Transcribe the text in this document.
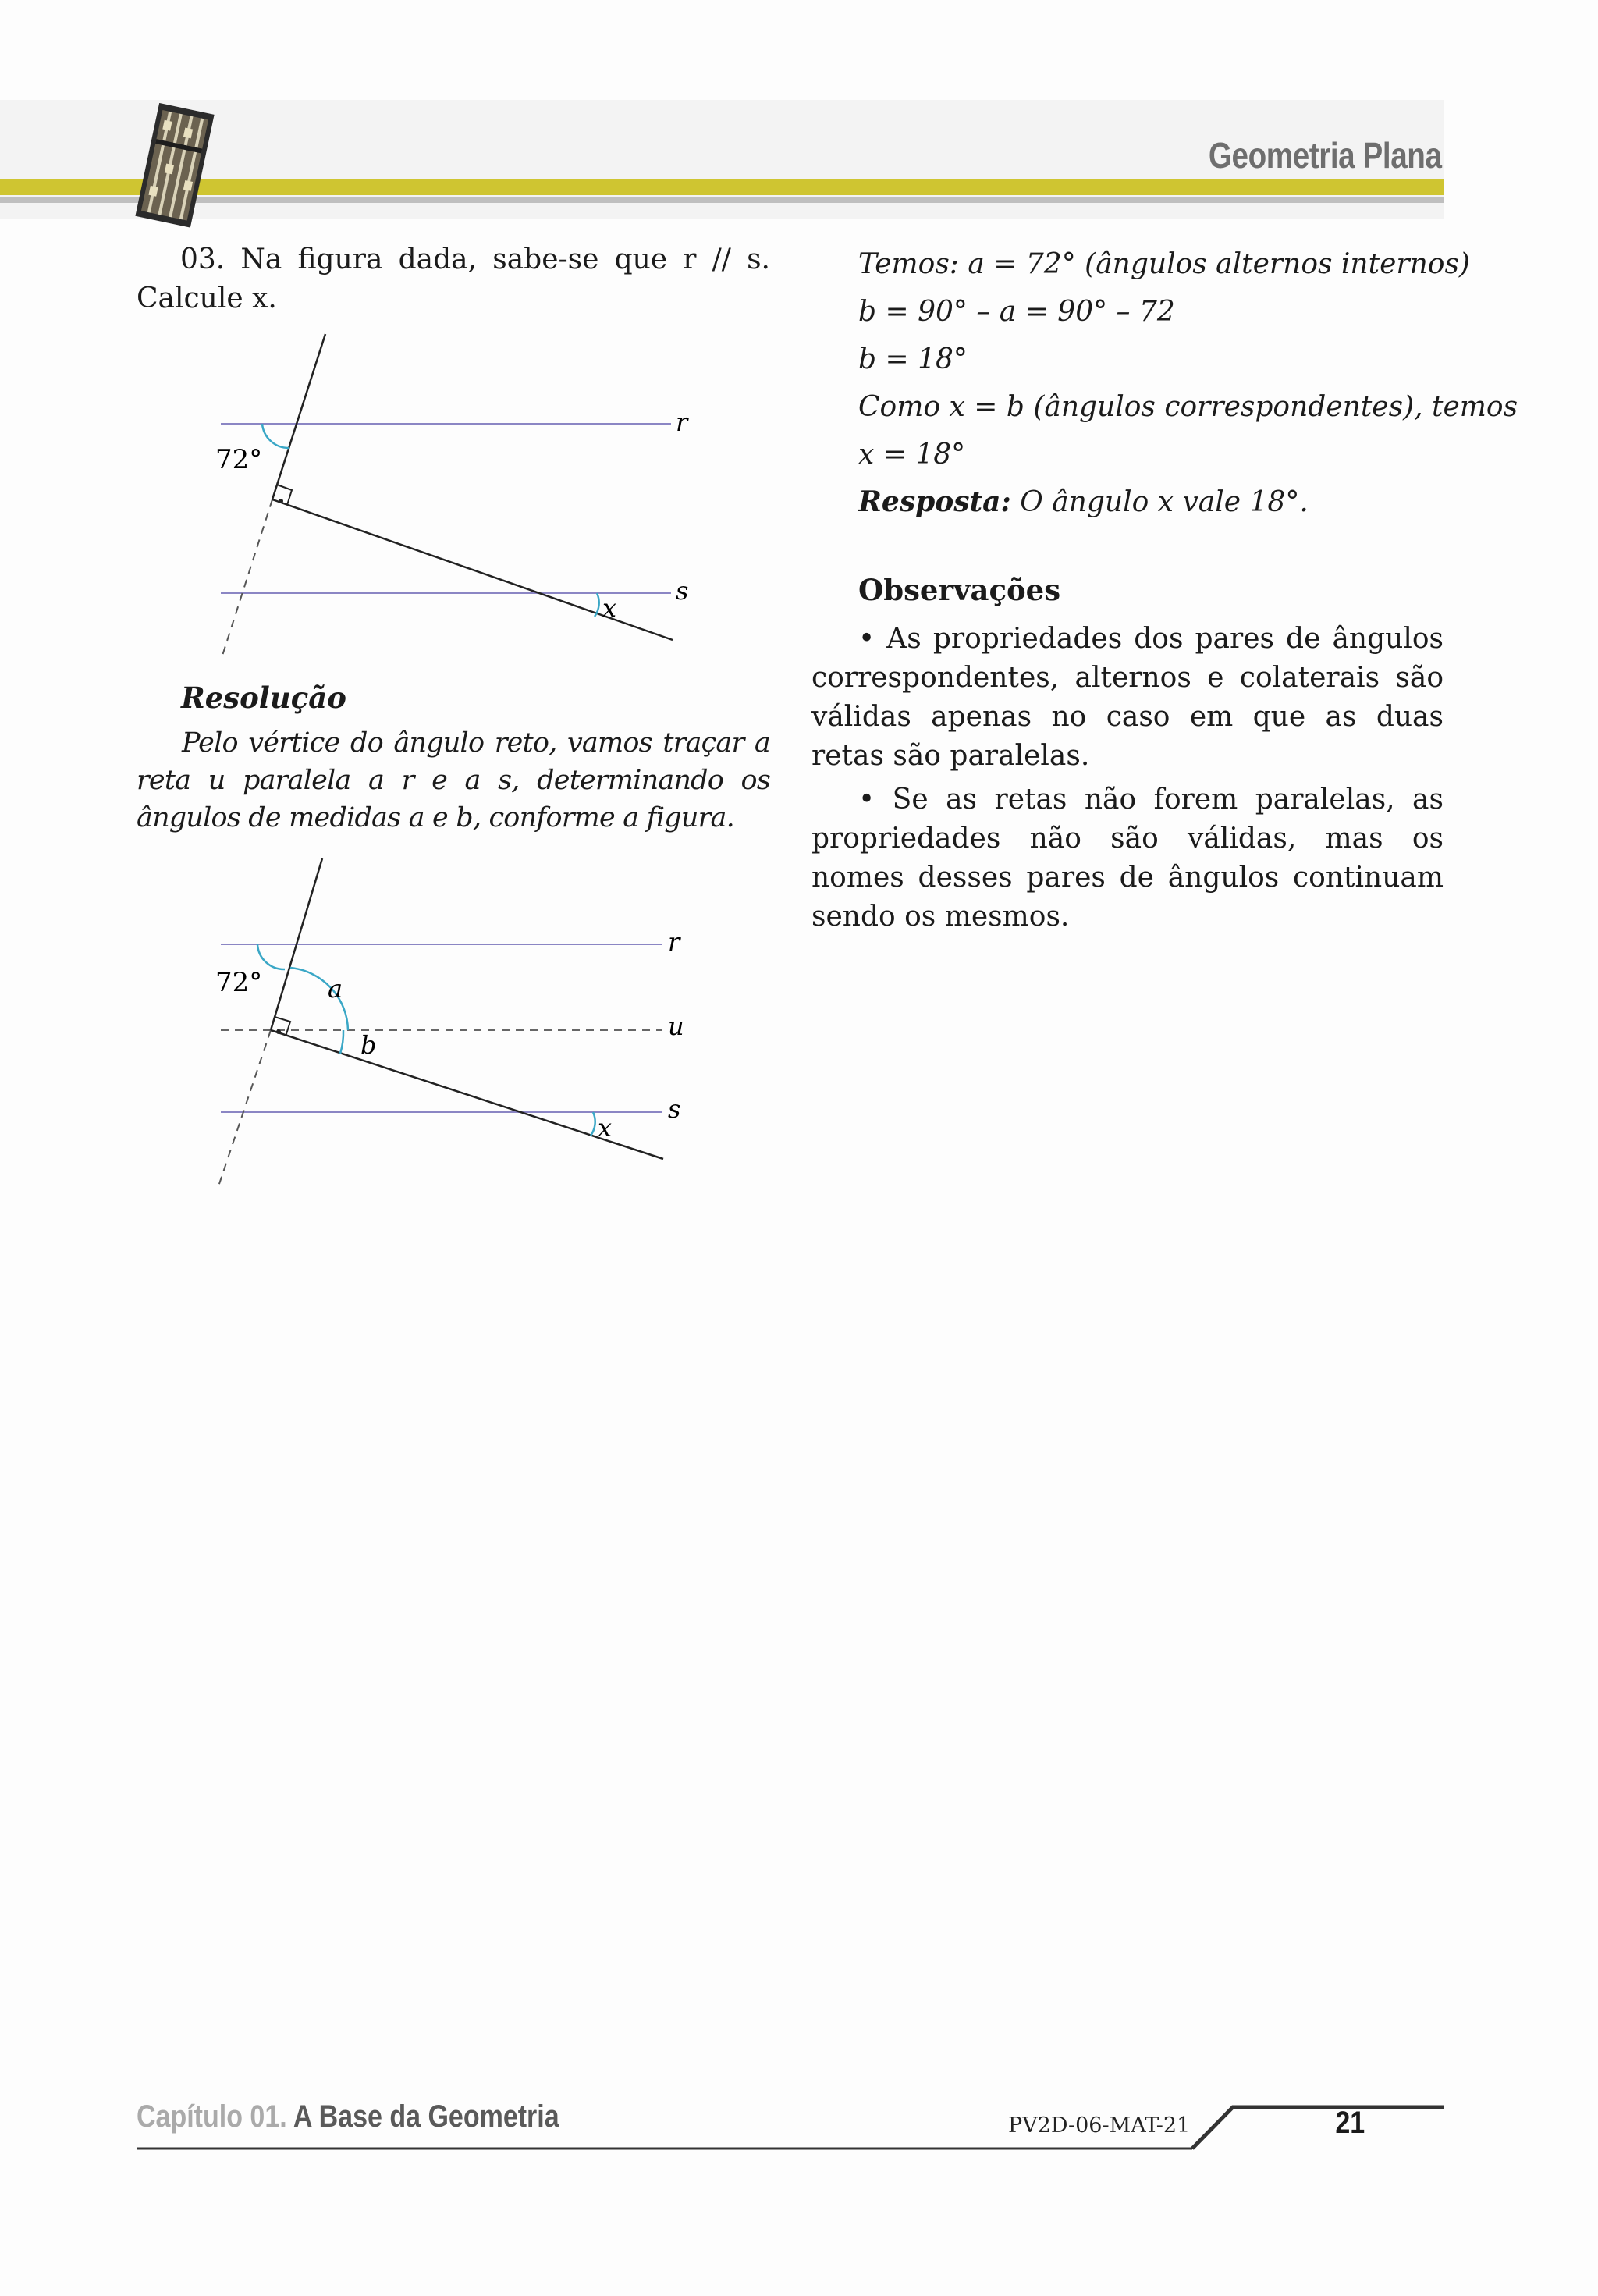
Geometria Plana
03. Na figura dada, sabe-se que r // s.
Calcule x.
72°
r
s
x
Resolução
Pelo vértice do ângulo reto, vamos traçar a reta u paralela a r e a s, determinando os ângulos de medidas a e b, conforme a figura.
72°	a
b
r
u
s
x
Temos: a = 72° (ângulos alternos internos)
b = 90° – a = 90° – 72
b = 18°
Como x = b (ângulos correspondentes), temos
x = 18°
Resposta: O ângulo x vale 18°.
Observações

• As propriedades dos pares de ângulos correspondentes, alternos e colaterais são válidas apenas no caso em que as duas retas são paralelas.

• Se as retas não forem paralelas, as propriedades não são válidas, mas os nomes desses pares de ângulos continuam sendo os mesmos.

Capítulo 01. A Base da Geometria	PV2D-06-MAT-21	21
